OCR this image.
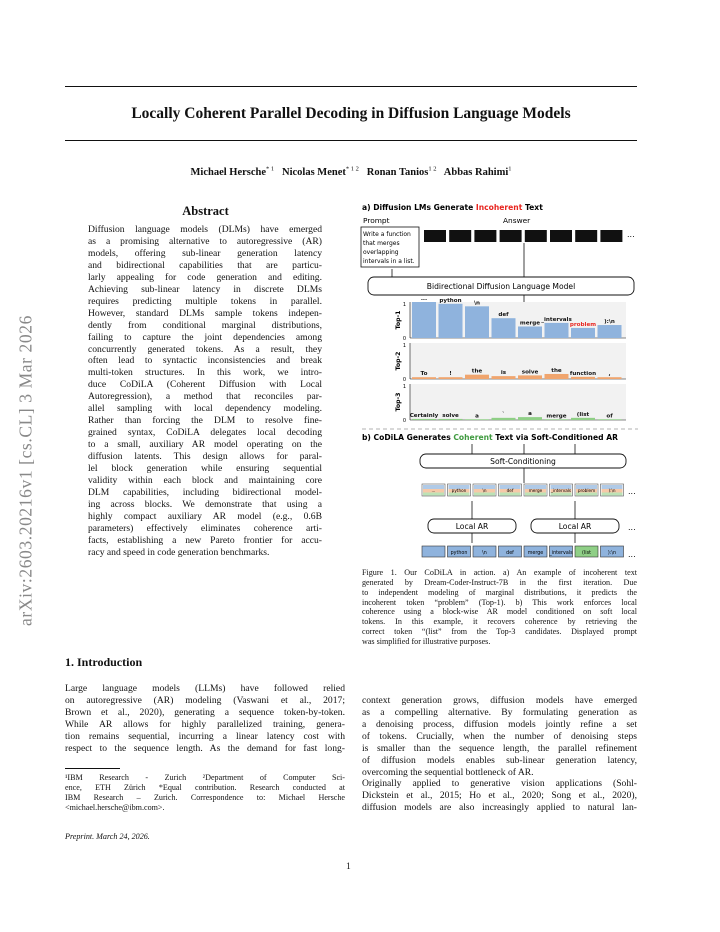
arXiv:2603.20216v1 [cs.CL] 3 Mar 2026
Locally Coherent Parallel Decoding in Diffusion Language Models
Michael Hersche$^{* 1}$ Nicolas Menet$^{* 1 2}$ Ronan Tanios$^{1 2}$ Abbas Rahimi$^1$
Abstract
Diffusion language models (DLMs) have emerged
as a promising alternative to autoregressive (AR)
models, offering sub-linear generation latency
and bidirectional capabilities that are particu-
larly appealing for code generation and editing.
Achieving sub-linear latency in discrete DLMs
requires predicting multiple tokens in parallel.
However, standard DLMs sample tokens indepen-
dently from conditional marginal distributions,
failing to capture the joint dependencies among
concurrently generated tokens. As a result, they
often lead to syntactic inconsistencies and break
multi-token structures. In this work, we intro-
duce CoDiLA (Coherent Diffusion with Local
Autoregression), a method that reconciles par-
allel sampling with local dependency modeling.
Rather than forcing the DLM to resolve fine-
grained syntax, CoDiLA delegates local decoding
to a small, auxiliary AR model operating on the
diffusion latents. This design allows for paral-
lel block generation while ensuring sequential
validity within each block and maintaining core
DLM capabilities, including bidirectional model-
ing across blocks. We demonstrate that using a
highly compact auxiliary AR model (e.g., 0.6B
parameters) effectively eliminates coherence arti-
facts, establishing a new Pareto frontier for accu-
racy and speed in code generation benchmarks.
1. Introduction
Large language models (LLMs) have followed relied
on autoregressive (AR) modeling (Vaswani et al., 2017;
Brown et al., 2020), generating a sequence token-by-token.
While AR allows for highly parallelized training, genera-
tion remains sequential, incurring a linear latency cost with
respect to the sequence length. As the demand for fast long-
¹IBM Research - Zurich ²Department of Computer Sci-
ence, ETH Zürich *Equal contribution. Research conducted at
IBM Research – Zurich. Correspondence to: Michael Hersche
<michael.hersche@ibm.com>.
Preprint. March 24, 2026.
context generation grows, diffusion models have emerged
as a compelling alternative. By formulating generation as
a denoising process, diffusion models jointly refine a set
of tokens. Crucially, when the number of denoising steps
is smaller than the sequence length, the parallel refinement
of diffusion models enables sub-linear generation latency,
overcoming the sequential bottleneck of AR.
Originally applied to generative vision applications (Sohl-
Dickstein et al., 2015; Ho et al., 2020; Song et al., 2020),
diffusion models are also increasingly applied to natural lan-
1
a) Diffusion LMs Generate Incoherent Text
Prompt	Answer
Write a function
that merges
overlapping
intervals in a list.
...
Bidirectional Diffusion Language Model
1
0
Top-1
... python \n
def
merge
_intervals
problem ):\n
1
0
Top-2
To	!	the	is	solve the function ,
1
0
Top-3
Certainly solve	a	`	a	merge (list	of
b) CoDiLA Generates Coherent Text via Soft-Conditioned AR
Soft-Conditioning
...	python	\n	def	merge _intervals problem	):\n ...
Local AR	Local AR	...
python	\n	def	merge _intervals (list	):\n ...
Figure 1. Our CoDiLA in action. a) An example of incoherent text
generated by Dream-Coder-Instruct-7B in the first iteration. Due
to independent modeling of marginal distributions, it predicts the
incoherent token “problem” (Top-1). b) This work enforces local
coherence using a block-wise AR model conditioned on soft local
tokens. In this example, it recovers coherence by retrieving the
correct token “(list” from the Top-3 candidates. Displayed prompt
was simplified for illustrative purposes.
